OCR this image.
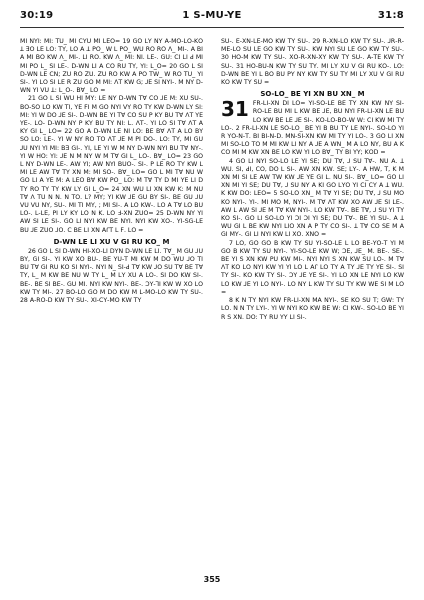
30:19	1 S-MU-YE	31:8

ꓟꓲ ꓠꓬꓲ: ꓟꓲ: ꓔꓴ_ ꓟꓲ ꓚꓬꓴ ꓟꓲ ꓡꓰꓳ= 19 ꓖꓳ ꓡꓬ ꓠꓬ ꓮ-ꓟꓳ-ꓡꓳ-ꓗꓳ ꓕ ꓱꓳ ꓡꓰ ꓡꓳ: ꓔꓬ, ꓡꓳ ꓮ ꓕ ꓑꓳ_ ꓪ ꓡ ꓑꓳ_ ꓪꓴ ꓣꓳ ꓣꓳ ꓥ_ ꓟꓲ-. ꓮ ꓐꓲ ꓮ ꓟꓲ ꓐꓳ ꓗꓪ ꓥ_ ꓟꓲ-. ꓡꓲ ꓣꓳ. ꓗꓪ ꓥ_ ꓟꓲ: ꓠꓲ. ꓡꓰ-. ꓖꓴ: ꓚꓲ ꓡꓲ ꓒ ꓟꓲ ꓟꓲ ꓑꓳ ꓡ_ ꓢꓲ ꓡꓰ-. ꓓ-ꓪꓠ ꓡꓲ ꓮ ꓚꓳ ꓣꓴ ꓔꓬ, ꓬꓲ: ꓡ_ꓳ= 20 ꓖꓳ ꓡ ꓢꓲ ꓓ-ꓪꓠ ꓡꓰ ꓚꓠ; ꓜꓴ ꓣꓳ ꓜꓴ. ꓜꓴ ꓣꓳ ꓗꓪ ꓮ ꓑꓳ ꓔꓪ_ ꓪ ꓣꓳ ꓔꓴ_ ꓬꓲ ꓢꓲ-. ꓬꓲ ꓡꓳ ꓢꓲ ꓡꓰ ꓣ ꓜꓴ ꓖꓳ ꓟ ꓟꓲ: ꓥꓔ ꓗꓪ ꓖ; ꓙꓰ ꓢꓲ ꓠꓬꓲ-. ꓟ ꓠꓬ ꓓ-ꓪꓠ ꓬꓲ ꓦꓴ ꓕ: ꓡ_ꓳ-. ꓐꓯ_ ꓡꓳ =

21 ꓖꓳ ꓡ ꓢꓲ ꓪꓴ ꓧꓲ ꓟꓬ: ꓡꓰ ꓠꓬ ꓓ-ꓪꓠ ꓔꓯ ꓚꓳ ꓙꓰ ꓟ: ꓫꓴ ꓢꓴ-. ꓐꓳ-ꓢꓳ ꓡꓳ ꓗꓪ ꓔꓲ, ꓬꓰ ꓝꓲ ꓟ ꓖꓳ ꓠꓬꓲ ꓦꓬ ꓣꓳ ꓔꓬ ꓗꓪ ꓓ-ꓪꓠ ꓡꓬ ꓢꓲ: ꓟꓲ: ꓬꓲ ꓪ ꓓꓳ ꓙꓰ ꓢꓲ-. ꓓ-ꓪꓠ ꓐꓰ ꓬꓲ ꓔꓯ ꓚꓳ ꓢꓴ ꓑ ꓗꓬ ꓐꓴ ꓔꓯ ꓥꓔ ꓬꓰ ꓬꓰ-. ꓡꓳ- ꓓ-ꓪꓠ ꓠꓬ ꓑ ꓗꓬ ꓐꓴ ꓔꓬ ꓠꓲ: ꓡ. ꓥꓔ-. ꓬꓲ ꓡꓳ ꓢꓲ ꓔꓯ ꓥꓔ ꓮ ꓗꓬ ꓖꓲ ꓡ_ ꓡꓳ= 22 ꓖꓳ ꓮ ꓓ-ꓪꓠ ꓡꓰ ꓠꓲ ꓡꓳ: ꓐꓰ ꓐꓯ ꓥꓔ ꓮ ꓡꓳ ꓐꓬ ꓢꓳ ꓡꓳ: ꓡꓰ-. ꓬꓲ ꓪ ꓠꓬ ꓣꓳ ꓔꓳ ꓥꓔ ꓙꓰ ꓟ ꓑꓲ ꓓꓳ-. ꓡꓳ: ꓔꓬ, ꓟꓲ ꓖꓴ ꓙꓴ ꓠꓬꓲ ꓬꓲ ꓟꓲ: ꓐꓱ ꓖꓲ-. ꓬꓲ, ꓡꓰ ꓬꓲ ꓪ ꓟ ꓠꓬ ꓓ-ꓪꓠ ꓠꓬꓲ ꓐꓴ ꓔꓯ ꓠꓬ-. ꓬꓲ ꓪ ꓧꓳ: ꓬꓲ: ꓙꓰ ꓠ ꓟ ꓠꓬ ꓪ ꓟ ꓔꓯ ꓖꓲ ꓡ_ ꓡꓳ-. ꓐꓯ_ ꓡꓳ= 23 ꓖꓳ ꓡ ꓠꓬ ꓓ-ꓪꓠ ꓡꓰ-. ꓮꓪ ꓬꓲ; ꓮꓪ ꓠꓬꓲ ꓐꓴꓳ-. ꓢꓲ-. ꓑ ꓡꓰ ꓣꓳ ꓔꓬ ꓗꓪ ꓡ ꓟꓲ ꓡꓰ ꓮꓪ ꓔꓯ ꓔꓬ ꓫꓠ ꓟ: ꓟꓲ ꓢꓳ-. ꓐꓯ_ ꓡꓳ= ꓖꓳ ꓡ ꓟꓲ ꓔꓯ ꓠꓴ ꓪ ꓖꓳ ꓡꓲ ꓮ ꓬꓰ ꓟ: ꓮ ꓡꓰꓳ ꓐꓯ ꓗꓪ ꓑꓳ_ ꓡꓳ: ꓟ ꓔꓯ ꓔꓬ ꓓ ꓟꓲ ꓬꓰ ꓡꓲ ꓓ ꓔꓬ ꓣꓳ ꓔꓬ ꓔꓬ ꓗꓪ ꓡꓬ ꓖꓲ ꓡ_ꓳ= 24 ꓫꓠ ꓪꓴ ꓡꓲ ꓫꓠ ꓗꓪ ꓗ: ꓟ ꓠꓴ ꓔꓯ ꓥ ꓔꓴ ꓠ ꓠ. ꓠ ꓔꓳ. ꓡ? ꓟꓬ; ꓬꓲ ꓗꓪ ꓙꓰ ꓖꓴ ꓐꓬ ꓢꓲ-. ꓐꓰ ꓖꓴ ꓙꓴ ꓦꓴ ꓦꓴ ꓠꓬ, ꓢꓴ-. ꓟꓲ ꓔꓲ ꓟꓬ, ; ꓟꓲ ꓢꓲ-. ꓮ ꓡꓳ ꓗꓪ-. ꓡꓳ ꓮ ꓔꓯ ꓡꓳ ꓐꓴ ꓡꓳ-. ꓡ-ꓡꓰ, ꓑꓲ ꓡꓬ ꓗꓬ ꓡꓳ ꓠ ꓗ. ꓡꓳ ꓞ-ꓫꓠ ꓜꓴꓳ= 25 ꓓ-ꓪꓠ ꓠꓬ ꓬꓲ ꓮꓪ ꓢꓲ ꓡꓰ ꓢꓲ-. ꓖꓳ ꓡꓲ ꓠꓬꓲ ꓗꓪ ꓐꓰ ꓠꓬꓲ. ꓠꓬꓲ ꓗꓪ ꓫꓳ-. ꓬꓲ-ꓢꓖ-ꓡꓰ ꓐꓴ ꓙꓰ ꓜꓴꓳ ꓙꓳ. ꓚ ꓐꓰ ꓡꓲ ꓫꓠ ꓮꓩꓔ ꓡ ꓝ. ꓡꓳ =

ꓓ-ꓪꓠ ꓡꓰ ꓡꓲ ꓫꓴ ꓦ ꓖꓲ ꓣꓴ ꓗꓳ_ ꓟ

26 ꓖꓳ ꓡ ꓢꓲ ꓓ-ꓪꓠ ꓧꓲ-ꓫꓳ-ꓡꓲ ꓓꓬꓠ ꓓ-ꓪꓠ ꓡꓰ ꓡꓲ. ꓔꓯ_ ꓟ ꓖꓴ ꓙꓴ ꓐꓬ, ꓖꓲ ꓢꓲ-. ꓬꓲ ꓗꓪ ꓫꓳ ꓐꓴ-. ꓐꓰ ꓬꓴ-ꓔ ꓟꓲ ꓗꓪ ꓟ ꓓꓳ ꓪꓴ ꓙꓳ ꓔꓲ ꓐꓴ ꓔꓯ ꓖꓲ ꓣꓴ ꓗꓳ ꓢꓲ ꓠꓬꓲ-. ꓠꓬꓲ ꓠ_ ꓢꓲ-ꓒ ꓔꓯ ꓗꓪ ꓙꓳ ꓢꓴ ꓔꓯ ꓐꓰ ꓔꓯ ꓔꓬ, ꓡ_ ꓟ ꓗꓪ ꓐꓰ ꓠꓴ ꓪ ꓔꓬ ꓡ_ ꓟ ꓡꓬ ꓫꓴ ꓮ ꓡꓳ-. ꓢꓲ ꓓꓳ ꓗꓪ ꓢꓲ-. ꓐꓰ-. ꓐꓰ ꓢꓲ ꓐꓰ-. ꓖꓴ ꓟꓲ. ꓠꓬꓲ ꓗꓪ ꓠꓬꓲ-. ꓐꓰ-. ꓛꓬ-ꓶꓲ ꓗꓪ ꓪ ꓫꓳ ꓡꓳ ꓗꓪ ꓔꓬ ꓟꓲ-. 27 ꓐꓳ-ꓡꓳ ꓖꓳ ꓟ ꓓꓳ ꓗꓪ ꓟ ꓡ-ꓟꓳ-ꓡꓳ ꓗꓪ ꓔꓬ ꓢꓴ-. 28 ꓮ-ꓣꓳ-ꓓ ꓗꓪ ꓔꓬ ꓢꓴ-. ꓫꓲ-ꓚꓬ-ꓟꓳ ꓗꓪ ꓔꓬ

ꓢꓴ-. ꓰ-ꓫꓠ-ꓡꓰ-ꓟꓳ ꓗꓪ ꓔꓬ ꓢꓴ-. 29 ꓣ-ꓫꓠ-ꓡꓳ ꓗꓪ ꓔꓬ ꓢꓴ-. ꓙꓣ-ꓣ-ꓟꓰ-ꓡꓳ ꓢꓴ ꓡꓰ ꓖꓳ ꓗꓪ ꓔꓬ ꓢꓴ-. ꓗꓪ ꓠꓬꓲ ꓢꓴ ꓡꓰ ꓖꓳ ꓗꓪ ꓔꓬ ꓢꓴ-. 30 ꓧꓳ-ꓟ ꓗꓪ ꓔꓬ ꓢꓴ-. ꓫꓳ-ꓣ-ꓫꓠ-ꓫꓬ ꓗꓪ ꓔꓬ ꓢꓴ-. ꓮ-ꓔꓰ ꓗꓪ ꓔꓬ ꓢꓴ-. 31 ꓧꓳ-ꓐꓴ-ꓠ ꓗꓪ ꓔꓬ ꓢꓴ ꓔꓬ. ꓟꓲ ꓡꓬ ꓫꓴ ꓦ ꓖꓲ ꓣꓴ ꓗꓳ-. ꓡꓳ: ꓓ-ꓪꓠ ꓐꓰ ꓬꓲ ꓡ ꓐꓳ ꓐꓴ ꓑꓬ ꓠꓬ ꓗꓪ ꓔꓬ ꓢꓴ ꓔꓬ ꓟꓲ ꓡꓬ ꓫꓴ ꓦ ꓖꓲ ꓣꓴ ꓗꓳ ꓗꓪ ꓔꓬ ꓢꓴ =

ꓢꓳ-ꓡꓳ_ ꓐꓰ ꓬꓲ ꓫꓠ ꓐꓴ ꓫꓠ_ ꓟ
31 ꓝꓣ-ꓡꓲ-ꓫꓠ ꓓꓲ ꓡꓳ= ꓬꓲ-ꓢꓳ-ꓡꓰ ꓐꓰ ꓔꓬ ꓫꓠ ꓗꓪ ꓠꓬ ꓢꓲ-ꓣꓳ-ꓡꓰ ꓐꓴ ꓟꓲ ꓡ ꓗꓪ ꓐꓰ ꓙꓰ, ꓐꓴ ꓠꓬꓲ ꓝꓣ-ꓡꓲ-ꓫꓠ ꓡꓰ ꓐꓴ ꓡꓳ ꓗꓪ ꓐꓰ ꓡꓰ ꓙꓰ ꓢꓲ-. ꓗꓳ-ꓡꓳ-ꓐꓳ-ꓪ ꓪ: ꓚꓲ ꓗꓪ ꓟꓲ ꓔꓬ ꓡꓳ-. 2 ꓝꓣ-ꓡꓲ-ꓫꓠ ꓡꓰ ꓢꓳ-ꓡꓳ_ ꓐꓰ ꓬꓲ ꓐ ꓐꓴ ꓔꓬ ꓡꓰ ꓠꓬꓲ-. ꓢꓳ-ꓡꓳ ꓬꓲ ꓣ ꓬꓳ-ꓠ-ꓔ. ꓐꓲ ꓐꓲ-ꓠ-ꓓ. ꓟꓠ-ꓢꓲ-ꓫꓠ ꓗꓪ ꓟꓲ ꓔꓬ ꓬꓲ ꓡꓳ-. 3 ꓖꓳ ꓡꓲ ꓫꓠ ꓟꓲ ꓢꓳ-ꓡꓳ ꓔꓳ ꓟ ꓟꓲ ꓗꓪ ꓡꓲ ꓠꓬ ꓮ ꓙꓰ ꓮ ꓪꓠ_ ꓟ ꓮ ꓡꓳ ꓠꓬ, ꓐꓴ ꓮ ꓗ ꓚꓳ ꓟꓲ ꓟ ꓗꓪ ꓫꓠ ꓐꓰ ꓡꓳ ꓗꓪ ꓬꓲ ꓡꓳ ꓐꓯ_ ꓔꓬ ꓐꓲ ꓬꓬ; ꓗꓳꓓ =

4 ꓖꓳ ꓡꓲ ꓠꓬꓲ ꓢꓳ-ꓡꓳ ꓡꓰ ꓬꓲ ꓢꓰ; ꓓꓴ ꓔꓯ, ꓙ ꓢꓴ ꓔꓯ-. ꓠꓴ ꓮ. ꓕ ꓪꓴ. ꓢꓲ, ꓒꓲ, ꓚꓳ, ꓓꓳ ꓡ ꓢꓲ-. ꓮꓪ ꓫꓠ ꓗꓪ. ꓢꓰ; ꓡꓬ-. ꓮ ꓧꓪ, ꓔ, ꓗ ꓟ ꓫꓠ ꓟꓲ ꓢꓲ ꓡꓰ ꓮꓪ ꓔꓪ ꓗꓪ ꓙꓰ ꓬꓰ ꓖꓲ ꓡ. ꓠꓴ ꓢꓲ-. ꓐꓯ_ ꓡꓳ= ꓖꓳ ꓡꓲ ꓫꓠ ꓟꓲ ꓬꓲ ꓢꓰ; ꓓꓴ ꓔꓯ, ꓙ ꓢꓴ ꓠꓬ ꓮ ꓗꓲ ꓖꓳ ꓡꓬꓳ ꓬꓲ ꓚꓲ ꓚꓬ ꓮ ꓕ ꓪꓴ. ꓗ ꓗꓪ ꓓꓳ: ꓡꓰꓳ= 5 ꓢꓳ-ꓡꓳ ꓫꓠ_ ꓟ ꓔꓯ ꓬꓲ ꓢꓰ; ꓓꓴ ꓔꓯ, ꓙ ꓢꓴ ꓟꓳ ꓗꓳ ꓠꓬꓲ-. ꓬꓲ-. ꓟꓲ ꓟꓳ ꓟ, ꓠꓬꓲ-. ꓟ ꓔꓯ ꓥꓔ ꓗꓪ ꓫꓳ ꓮꓪ ꓙꓰ ꓢꓲ ꓡꓰ-. ꓮꓪ ꓡ ꓮꓪ ꓢꓲ ꓙꓰ ꓟ ꓔꓯ ꓗꓪ ꓠꓬꓲ-. ꓡꓳ ꓗꓪ ꓔꓯ-. ꓐꓰ ꓔꓯ, ꓙ ꓢꓴ ꓬꓲ ꓔꓬ ꓗꓳ ꓢꓲ-. ꓖꓳ ꓡꓲ ꓢꓳ-ꓡꓳ ꓬꓲ ꓛꓲ ꓛꓲ ꓬꓲ ꓢꓰ; ꓓꓴ ꓔꓯ-. ꓐꓰ ꓬꓲ ꓢꓴ-. ꓮ ꓕ ꓪꓴ ꓖꓲ ꓡ ꓐꓰ ꓗꓪ ꓠꓬꓲ ꓡꓲꓳ ꓫꓠ ꓮ ꓑ ꓔꓬ ꓚꓳ ꓢꓲ-. ꓕ ꓔꓯ ꓚꓳ ꓢꓰ ꓟ ꓮ ꓖꓲ ꓟꓬ-. ꓖꓲ ꓡꓲ ꓠꓬꓲ ꓗꓪ ꓡꓲ ꓫꓳ. ꓫꓠꓳ =

7 ꓡꓳ, ꓖꓳ ꓖꓳ ꓐ ꓗꓪ ꓔꓬ ꓢꓴ ꓬꓲ-ꓢꓳ-ꓡꓰ ꓡ ꓡꓳ ꓐꓰ-ꓬꓳ-ꓔ ꓬꓲ ꓟ ꓖꓳ ꓐ ꓗꓪ ꓔꓬ ꓢꓴ ꓠꓬꓲ-. ꓬꓲ-ꓢꓳ-ꓡꓰ ꓗꓪ ꓪ; ꓛꓰ, ꓙꓰ_ ꓟ. ꓐꓰ-. ꓢꓰ-. ꓐꓰ ꓬꓲ ꓢ ꓫꓠ ꓗꓪ ꓑꓴ ꓗꓪ ꓟꓲ-. ꓠꓬꓲ ꓠꓬꓲ ꓢ ꓫꓠ ꓗꓪ ꓢꓴ ꓡꓳ-. ꓟ ꓔꓯ ꓥꓔ ꓗꓳ ꓡꓳ ꓠꓬꓲ ꓗꓪ ꓬꓲ ꓬꓲ ꓡꓳ ꓡ ꓮꓩ ꓡꓳ ꓔꓬ ꓮ ꓔꓬ ꓙꓰ ꓔꓬ ꓬꓰ ꓢꓲ-. ꓢꓲ ꓔꓬ ꓢꓲ-. ꓗꓳ ꓗꓪ ꓔꓬ ꓢꓲ-. ꓛꓬ ꓙꓰ ꓬꓰ ꓢꓲ-. ꓬꓲ ꓡꓳ ꓫꓠ ꓡꓰ ꓠꓬꓲ ꓡꓳ ꓗꓪ ꓡꓳ ꓗꓪ ꓙꓰ ꓬꓲ ꓡꓳ ꓠꓬꓲ-. ꓡꓳ ꓠꓬ ꓡ ꓗꓪ ꓔꓬ ꓢꓴ ꓔꓬ ꓗꓪ ꓪꓰ ꓢꓲ ꓟ ꓡꓳ =

8 ꓗ ꓠ ꓔꓬ ꓠꓬꓲ ꓗꓪ ꓝꓣ-ꓡꓲ-ꓫꓠ ꓟꓮ ꓠꓬꓲ-. ꓢꓰ ꓗꓳ ꓢꓴ ꓔ; ꓖꓪ: ꓔꓬ ꓡꓳ. ꓠ ꓠ ꓔꓬ ꓡꓬꓲ-. ꓬꓲ ꓪ ꓠꓬꓲ ꓗꓳ ꓗꓪ ꓐꓰ ꓪ: ꓚꓲ ꓗꓪ-. ꓢꓳ-ꓡꓳ ꓐꓰ ꓬꓲ ꓣ ꓢ ꓫꓠ. ꓓꓳ: ꓔꓬ ꓣꓴ ꓬꓬ ꓡꓲ ꓢꓲ-.

355
